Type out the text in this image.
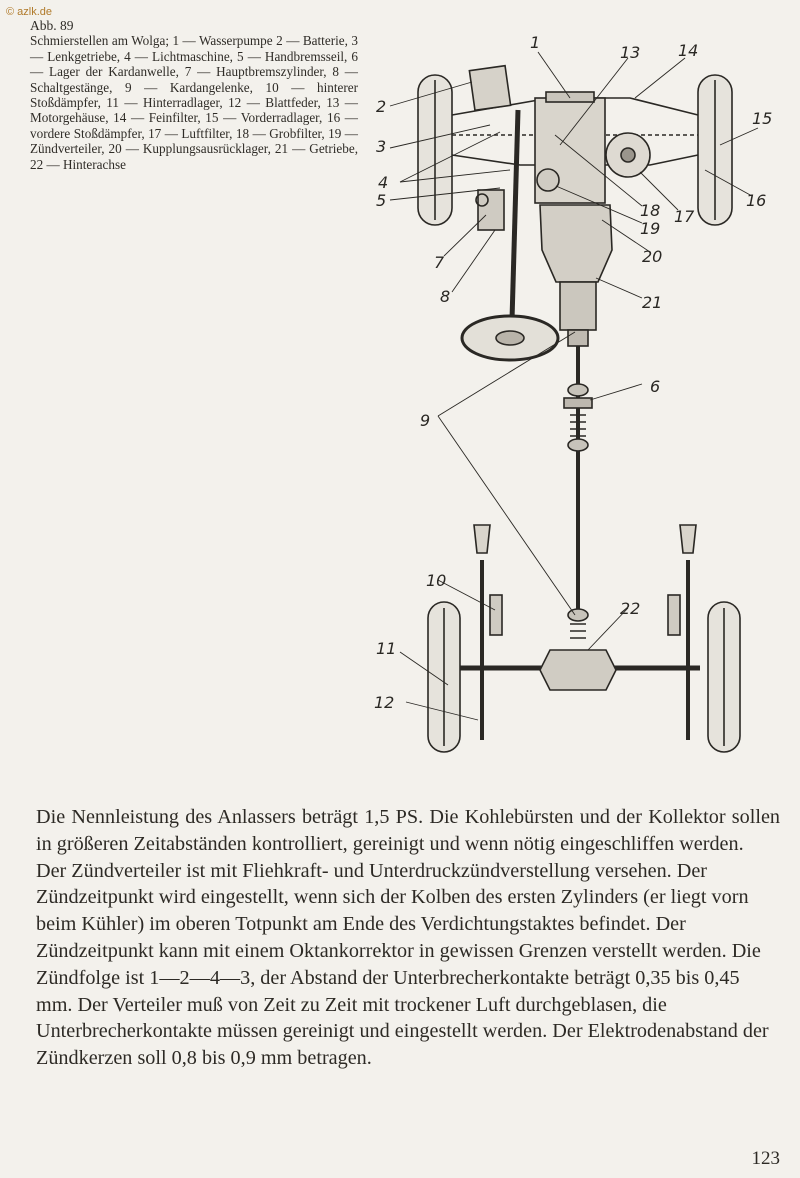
© azlk.de
Abb. 89
Schmierstellen am Wolga; 1 — Wasserpumpe 2 — Batterie, 3 — Lenkgetriebe, 4 — Lichtmaschine, 5 — Handbremsseil, 6 — Lager der Kardanwelle, 7 — Hauptbremszylinder, 8 — Schaltgestänge, 9 — Kardangelenke, 10 — hinterer Stoßdämpfer, 11 — Hinterradlager, 12 — Blattfeder, 13 — Motorgehäuse, 14 — Feinfilter, 15 — Vorderradlager, 16 — vordere Stoßdämpfer, 17 — Luftfilter, 18 — Grobfilter, 19 — Zündverteiler, 20 — Kupplungsausrücklager, 21 — Getriebe, 22 — Hinterachse
1
13 14
2
15
3
4
5	16
17
18
19
7	20
8	21
6
9
10
22
11
12

Die Nennleistung des Anlassers beträgt 1,5 PS. Die Kohlebürsten und der Kollektor sollen in größeren Zeitabständen kontrolliert, gereinigt und wenn nötig eingeschliffen werden.

Der Zündverteiler ist mit Fliehkraft- und Unterdruckzündverstellung versehen. Der Zündzeitpunkt wird eingestellt, wenn sich der Kolben des ersten Zylinders (er liegt vorn beim Kühler) im oberen Totpunkt am Ende des Verdichtungstaktes befindet. Der Zündzeitpunkt kann mit einem Oktankorrektor in gewissen Grenzen verstellt werden. Die Zündfolge ist 1—2—4—3, der Abstand der Unterbrecherkontakte beträgt 0,35 bis 0,45 mm. Der Verteiler muß von Zeit zu Zeit mit trockener Luft durchgeblasen, die Unterbrecherkontakte müssen gereinigt und eingestellt werden. Der Elektrodenabstand der Zündkerzen soll 0,8 bis 0,9 mm betragen.

123
